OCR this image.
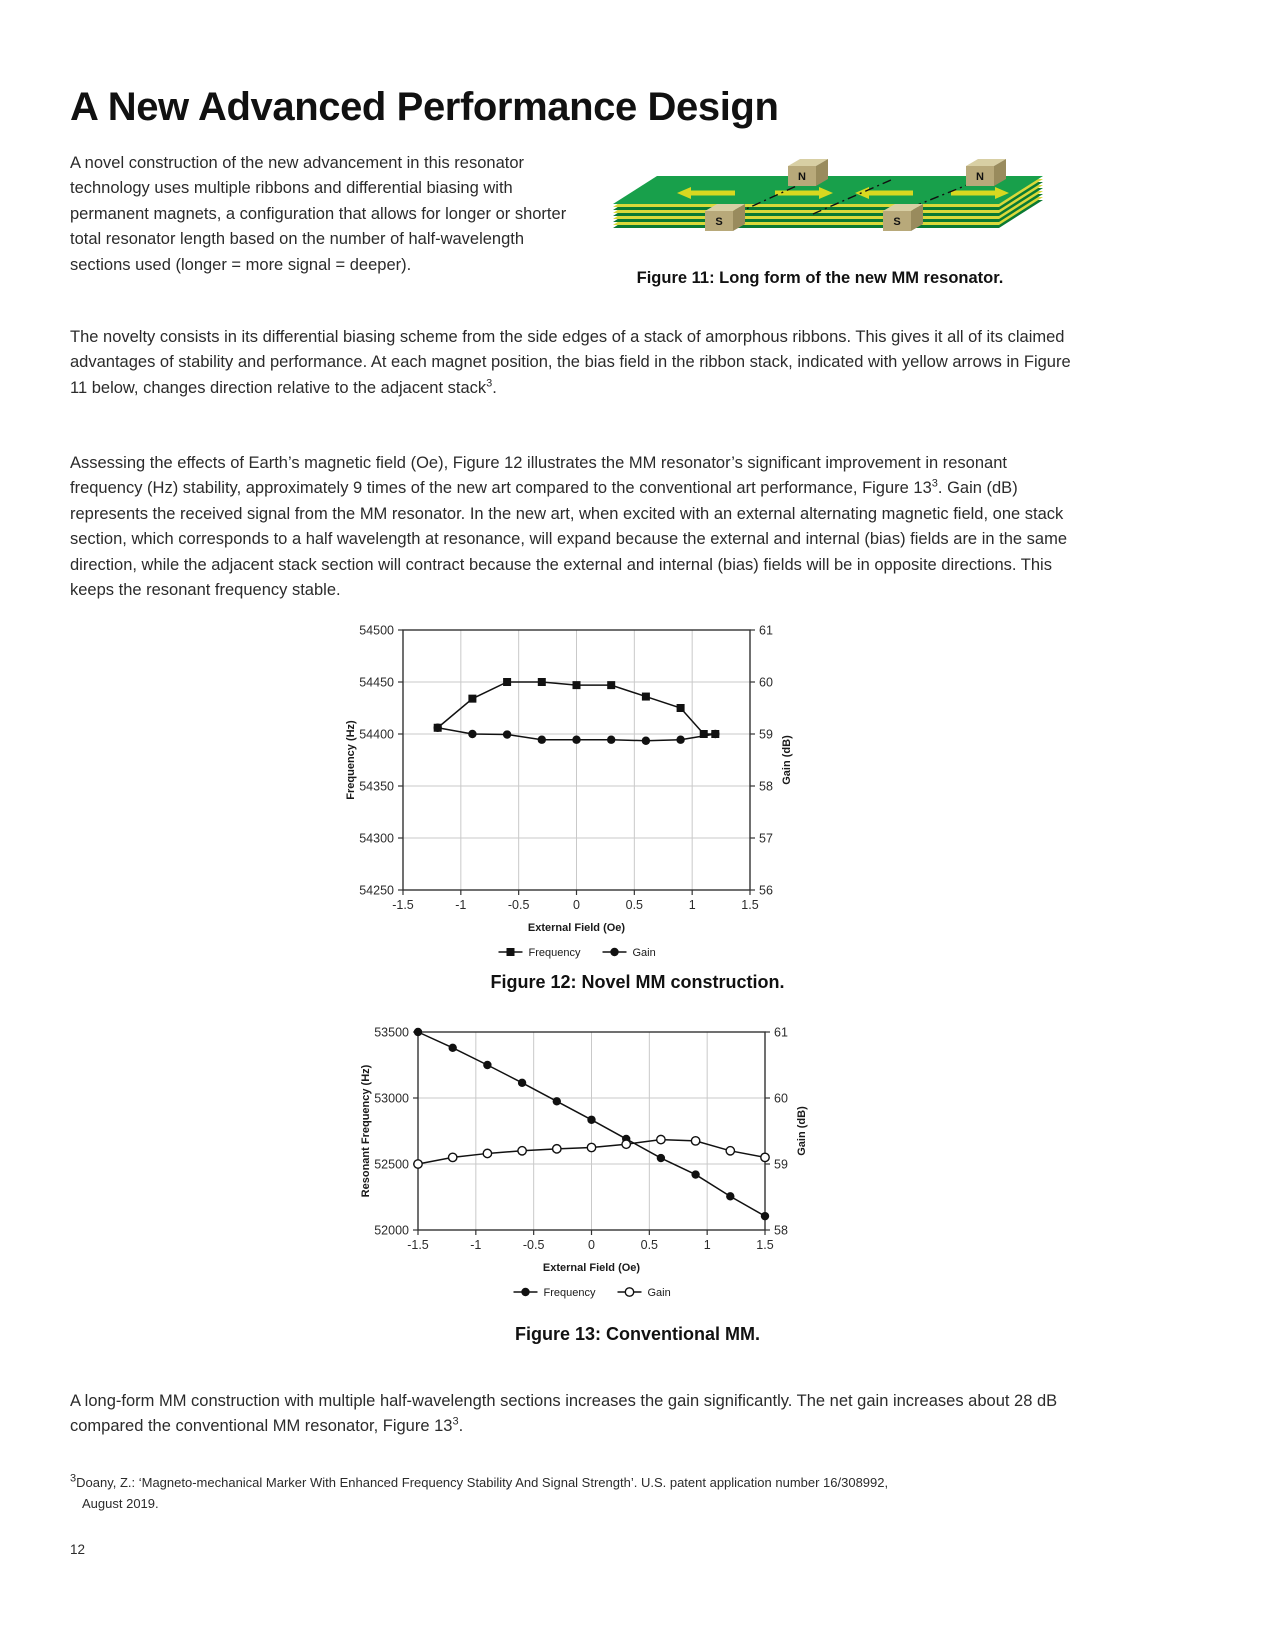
A New Advanced Performance Design

A novel construction of the new advancement in this resonator technology uses multiple ribbons and differential biasing with permanent magnets, a configuration that allows for longer or shorter total resonator length based on the number of half-wavelength sections used (longer = more signal = deeper).

N	N
S	S
Figure 11: Long form of the new MM resonator.

The novelty consists in its differential biasing scheme from the side edges of a stack of amorphous ribbons. This gives it all of its claimed advantages of stability and performance. At each magnet position, the bias field in the ribbon stack, indicated with yellow arrows in Figure 11 below, changes direction relative to the adjacent stack$^3$.

Assessing the effects of Earth’s magnetic field (Oe), Figure 12 illustrates the MM resonator’s significant improvement in resonant frequency (Hz) stability, approximately 9 times of the new art compared to the conventional art performance, Figure $13^3$. Gain (dB) represents the received signal from the MM resonator. In the new art, when excited with an external alternating magnetic field, one stack section, which corresponds to a half wavelength at resonance, will expand because the external and internal (bias) fields are in the same direction, while the adjacent stack section will contract because the external and internal (bias) fields will be in opposite directions. This keeps the resonant frequency stable.

54250
54300
54350
54400
54450
54500
56
57
58
59
60
61
-1.5	-1	-0.5	0	0.5	1	1.5
External Field (Oe)
Frequency (Hz)	Gain (dB)
Frequency	Gain
Figure 12: Novel MM construction.
52000
52500
53000
53500
58
59
60
61
-1.5	-1	-0.5	0	0.5	1	1.5
External Field (Oe)
Resonant Frequency (Hz)	Gain (dB)
Frequency	Gain
Figure 13: Conventional MM.

A long-form MM construction with multiple half-wavelength sections increases the gain significantly. The net gain increases about 28 dB compared the conventional MM resonator, Figure $13^3$.

$^3$Doany, Z.: ‘Magneto-mechanical Marker With Enhanced Frequency Stability And Signal Strength’. U.S. patent application number 16/308992,
August 2019.
12
